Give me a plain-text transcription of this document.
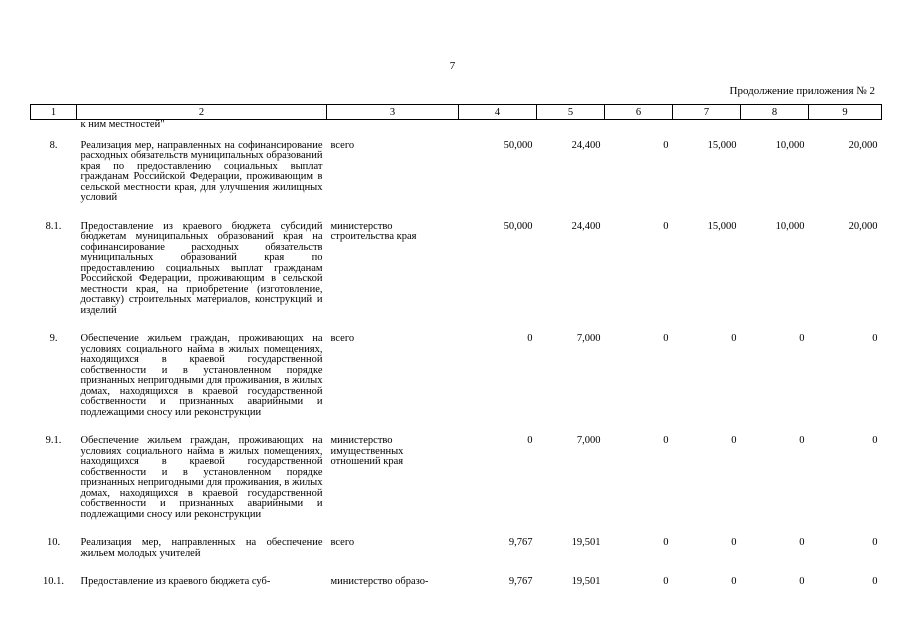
7
Продолжение приложения № 2
1	2	3	4	5	6	7	8	9
	к ним местностей"							

8.	Реализация мер, направленных на софинансирование расходных обязательств муниципальных образований края по предоставлению социальных выплат гражданам Российской Федерации, проживающим в сельской местности края, для улучшения жилищных условий	всего	50,000	24,400	0	15,000	10,000	20,000

8.1.	Предоставление из краевого бюджета субсидий бюджетам муниципальных образований края на софинансирование расходных обязательств муниципальных образований края по предоставлению социальных выплат гражданам Российской Федерации, проживающим в сельской местности края, на приобретение (изготовление, доставку) строительных материалов, конструкций и изделий	министерство строительства края	50,000	24,400	0	15,000	10,000	20,000

9.	Обеспечение жильем граждан, проживающих на условиях социального найма в жилых помещениях, находящихся в краевой государственной собственности и в установленном порядке признанных непригодными для проживания, в жилых домах, находящихся в краевой государственной собственности и признанных аварийными и подлежащими сносу или реконструкции	всего	0	7,000	0	0	0	0

9.1.	Обеспечение жильем граждан, проживающих на условиях социального найма в жилых помещениях, находящихся в краевой государственной собственности и в установленном порядке признанных непригодными для проживания, в жилых домах, находящихся в краевой государственной собственности и признанных аварийными и подлежащими сносу или реконструкции	министерство имущественных отношений края	0	7,000	0	0	0	0

10.	Реализация мер, направленных на обеспечение жильем молодых учителей	всего	9,767	19,501	0	0	0	0

10.1.	Предоставление из краевого бюджета суб-	министерство образо-	9,767	19,501	0	0	0	0
